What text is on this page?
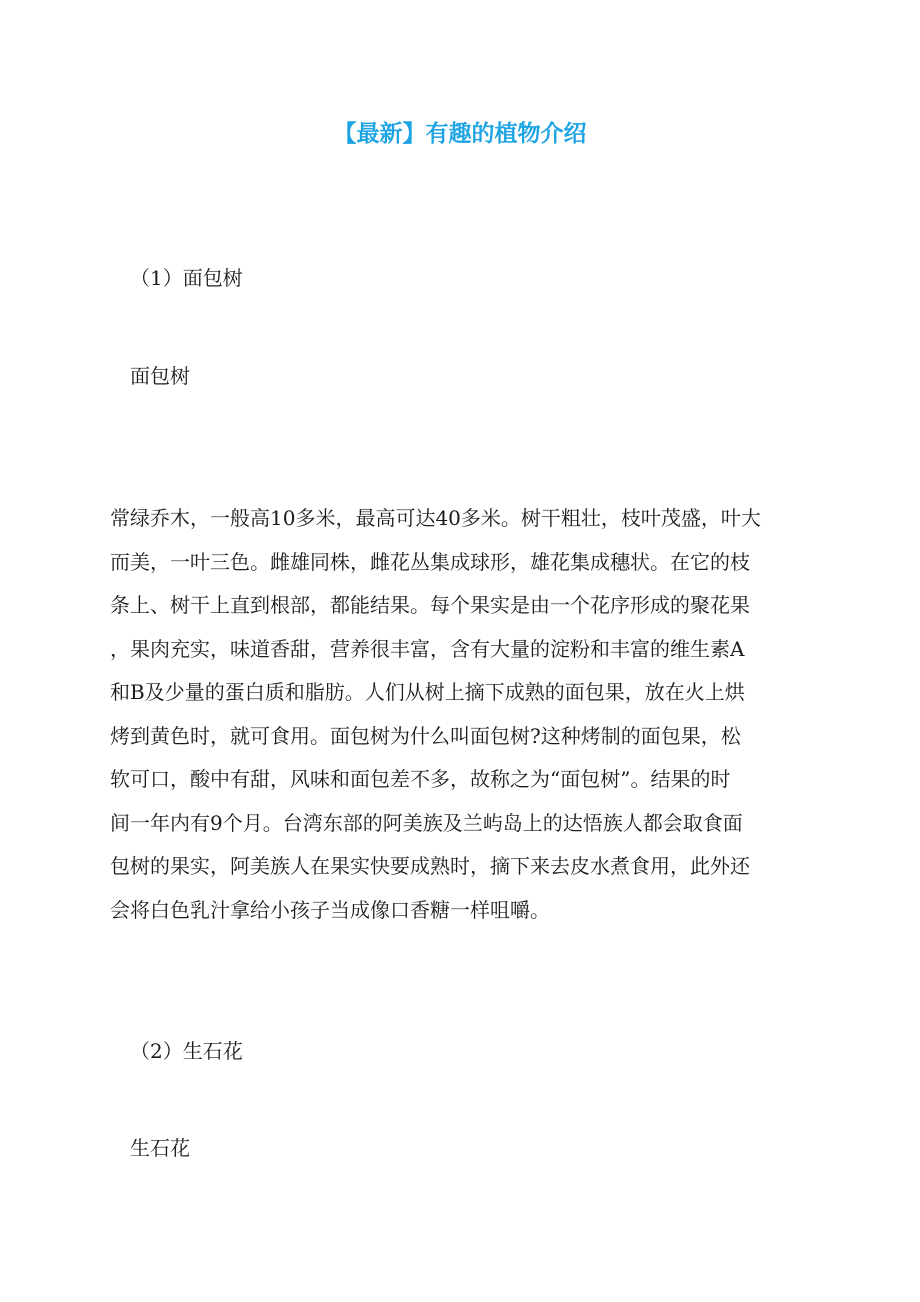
【最新】有趣的植物介绍

（1）面包树

面包树

常绿乔木，一般高10多米，最高可达40多米。树干粗壮，枝叶茂盛，叶大
而美，一叶三色。雌雄同株，雌花丛集成球形，雄花集成穗状。在它的枝
条上、树干上直到根部，都能结果。每个果实是由一个花序形成的聚花果
，果肉充实，味道香甜，营养很丰富，含有大量的淀粉和丰富的维生素A
和B及少量的蛋白质和脂肪。人们从树上摘下成熟的面包果，放在火上烘
烤到黄色时，就可食用。面包树为什么叫面包树?这种烤制的面包果，松
软可口，酸中有甜，风味和面包差不多，故称之为“面包树”。结果的时
间一年内有9个月。台湾东部的阿美族及兰屿岛上的达悟族人都会取食面
包树的果实，阿美族人在果实快要成熟时，摘下来去皮水煮食用，此外还
会将白色乳汁拿给小孩子当成像口香糖一样咀嚼。

（2）生石花

生石花
